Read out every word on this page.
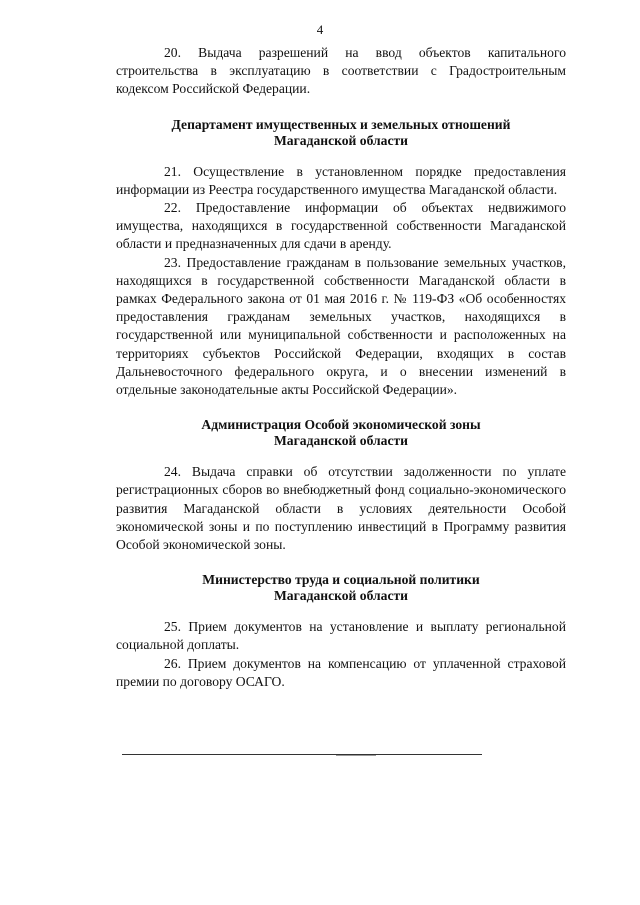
4

20. Выдача разрешений на ввод объектов капитального строительства в эксплуатацию в соответствии с Градостроительным кодексом Российской Федерации.

Департамент имущественных и земельных отношений
Магаданской области

21. Осуществление в установленном порядке предоставления информации из Реестра государственного имущества Магаданской области.

22. Предоставление информации об объектах недвижимого имущества, находящихся в государственной собственности Магаданской области и предназначенных для сдачи в аренду.

23. Предоставление гражданам в пользование земельных участков, находящихся в государственной собственности Магаданской области в рамках Федерального закона от 01 мая 2016 г. № 119-ФЗ «Об особенностях предоставления гражданам земельных участков, находящихся в государственной или муниципальной собственности и расположенных на территориях субъектов Российской Федерации, входящих в состав Дальневосточного федерального округа, и о внесении изменений в отдельные законодательные акты Российской Федерации».

Администрация Особой экономической зоны
Магаданской области

24. Выдача справки об отсутствии задолженности по уплате регистрационных сборов во внебюджетный фонд социально-экономического развития Магаданской области в условиях деятельности Особой экономической зоны и по поступлению инвестиций в Программу развития Особой экономической зоны.

Министерство труда и социальной политики
Магаданской области

25. Прием документов на установление и выплату региональной социальной доплаты.

26. Прием документов на компенсацию от уплаченной страховой премии по договору ОСАГО.
